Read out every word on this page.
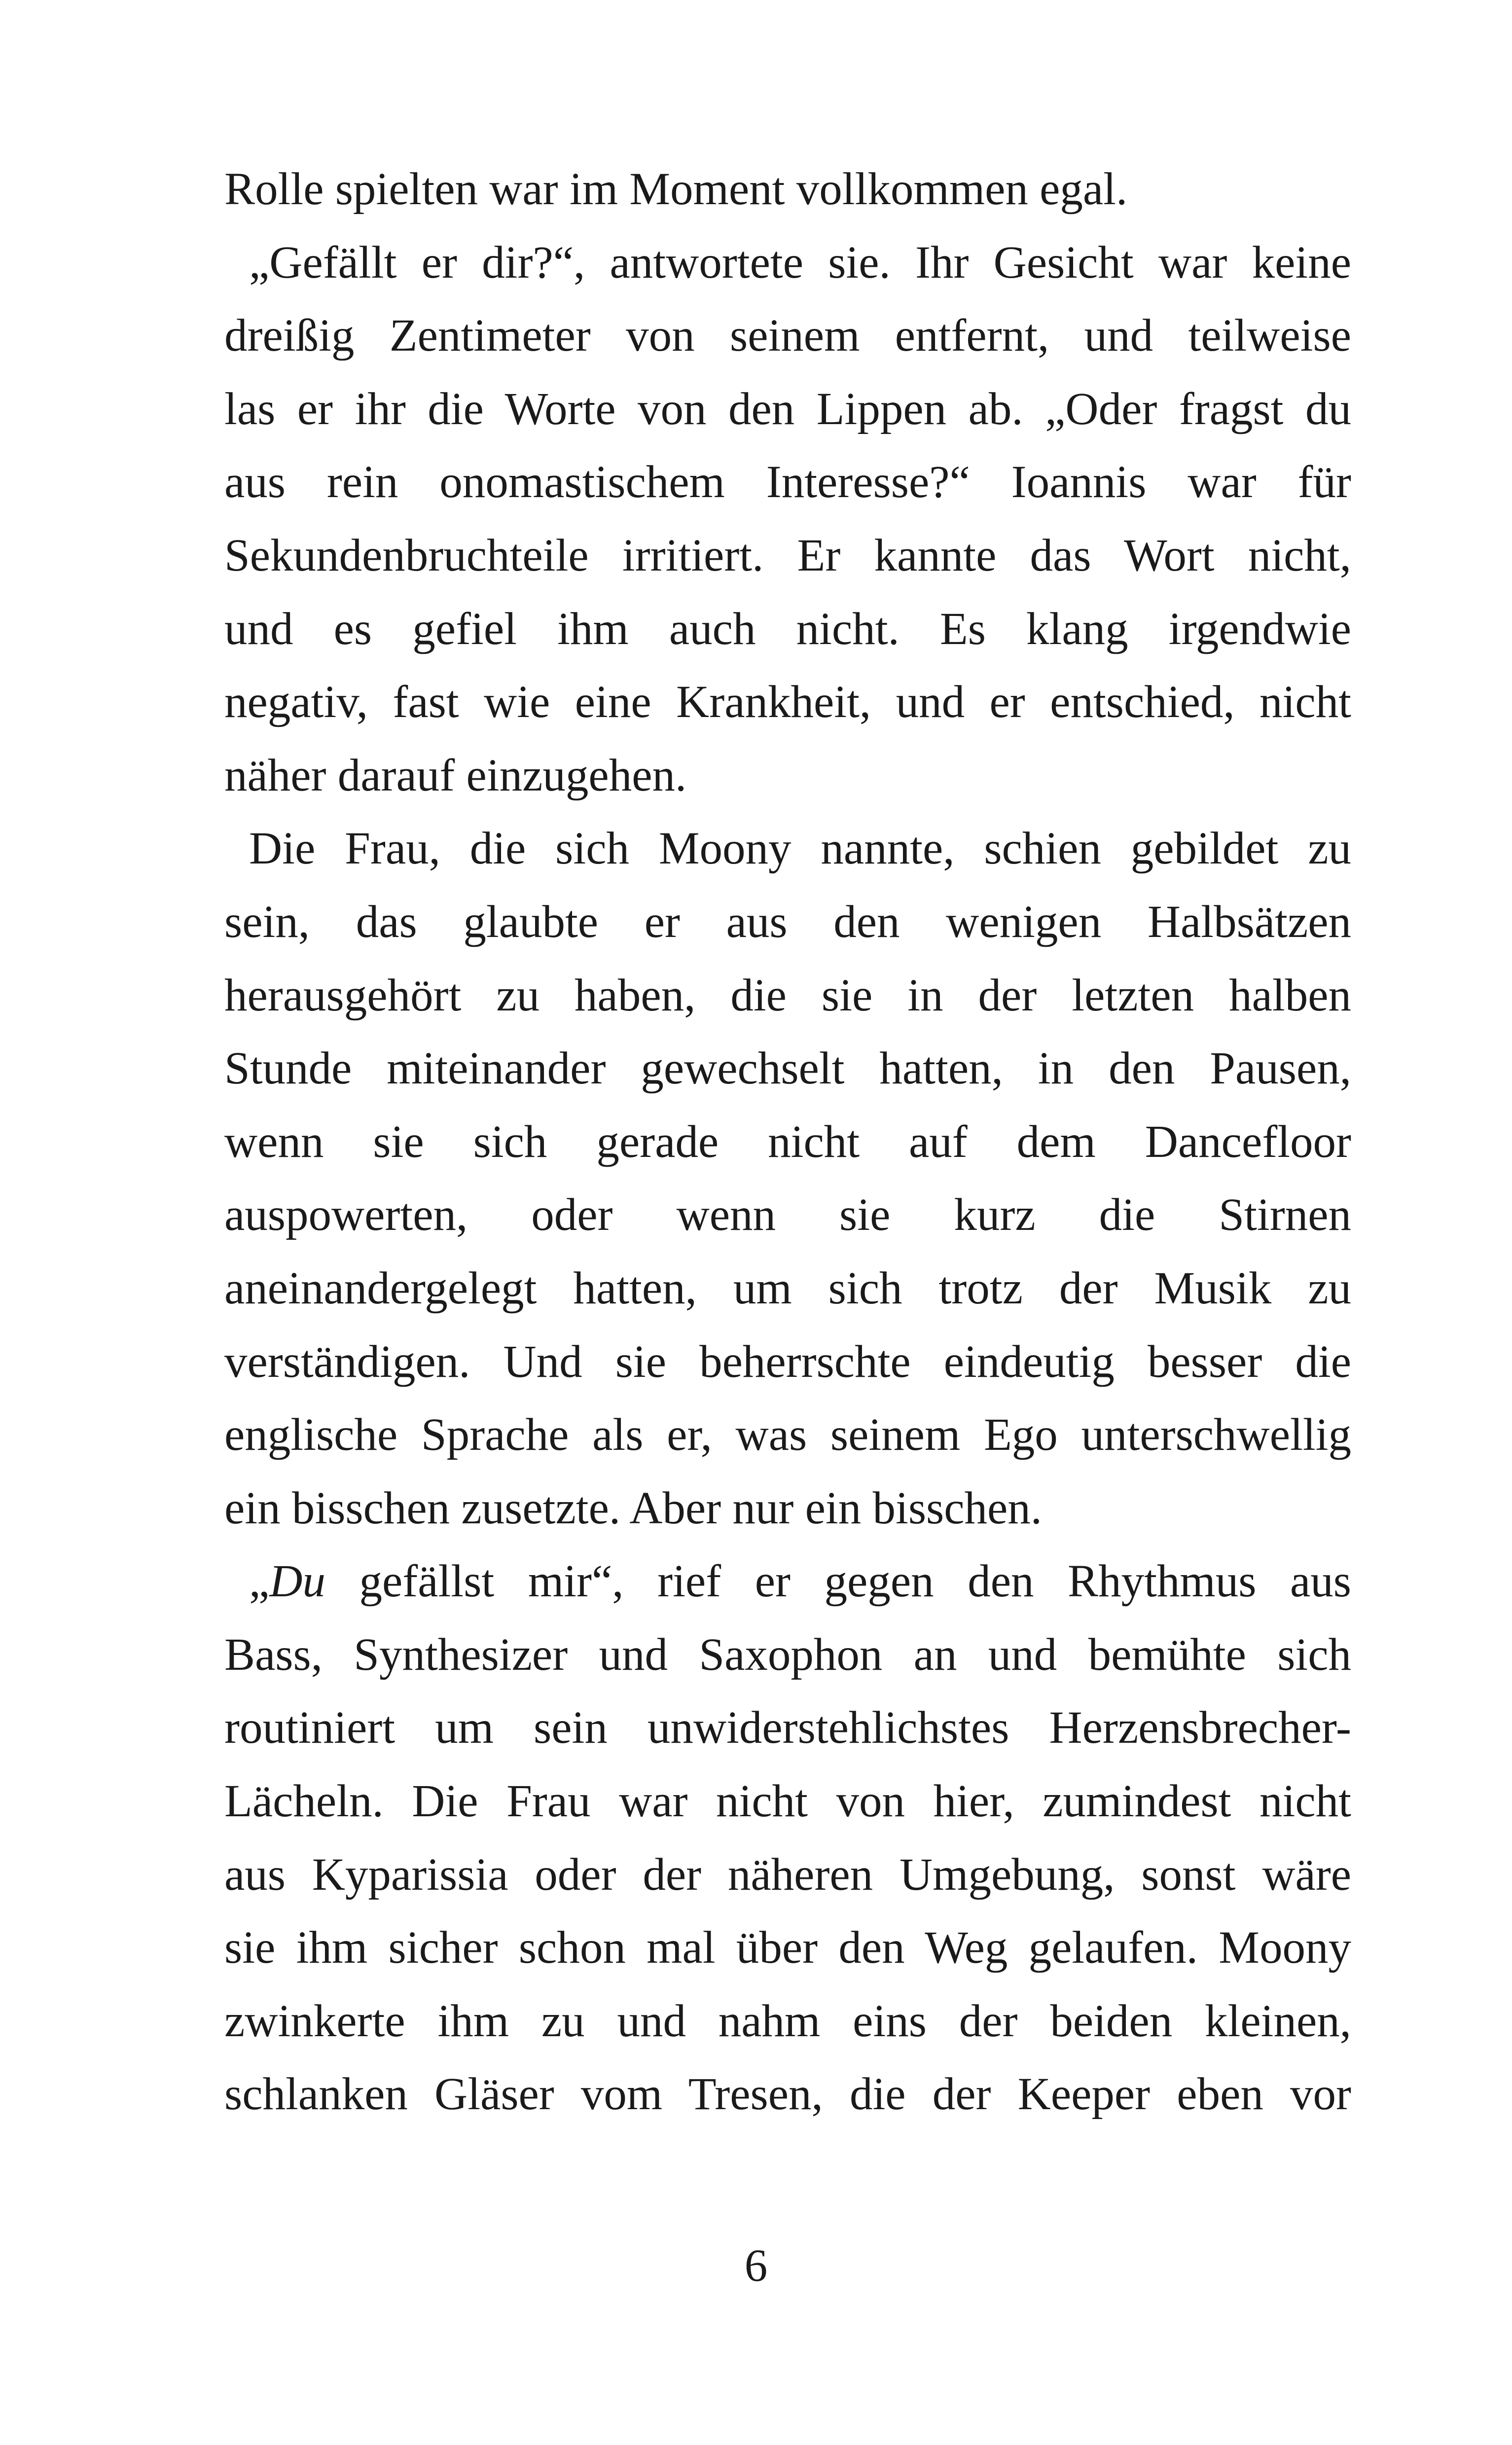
Rolle spielten war im Moment vollkommen egal.
„Gefällt er dir?“, antwortete sie. Ihr Gesicht war keine
dreißig Zentimeter von seinem entfernt, und teilweise
las er ihr die Worte von den Lippen ab. „Oder fragst du
aus rein onomastischem Interesse?“ Ioannis war für
Sekundenbruchteile irritiert. Er kannte das Wort nicht,
und es gefiel ihm auch nicht. Es klang irgendwie
negativ, fast wie eine Krankheit, und er entschied, nicht
näher darauf einzugehen.
Die Frau, die sich Moony nannte, schien gebildet zu
sein, das glaubte er aus den wenigen Halbsätzen
herausgehört zu haben, die sie in der letzten halben
Stunde miteinander gewechselt hatten, in den Pausen,
wenn sie sich gerade nicht auf dem Dancefloor
auspowerten, oder wenn sie kurz die Stirnen
aneinandergelegt hatten, um sich trotz der Musik zu
verständigen. Und sie beherrschte eindeutig besser die
englische Sprache als er, was seinem Ego unterschwellig
ein bisschen zusetzte. Aber nur ein bisschen.
„Du gefällst mir“, rief er gegen den Rhythmus aus
Bass, Synthesizer und Saxophon an und bemühte sich
routiniert um sein unwiderstehlichstes Herzensbrecher-
Lächeln. Die Frau war nicht von hier, zumindest nicht
aus Kyparissia oder der näheren Umgebung, sonst wäre
sie ihm sicher schon mal über den Weg gelaufen. Moony
zwinkerte ihm zu und nahm eins der beiden kleinen,
schlanken Gläser vom Tresen, die der Keeper eben vor
6
